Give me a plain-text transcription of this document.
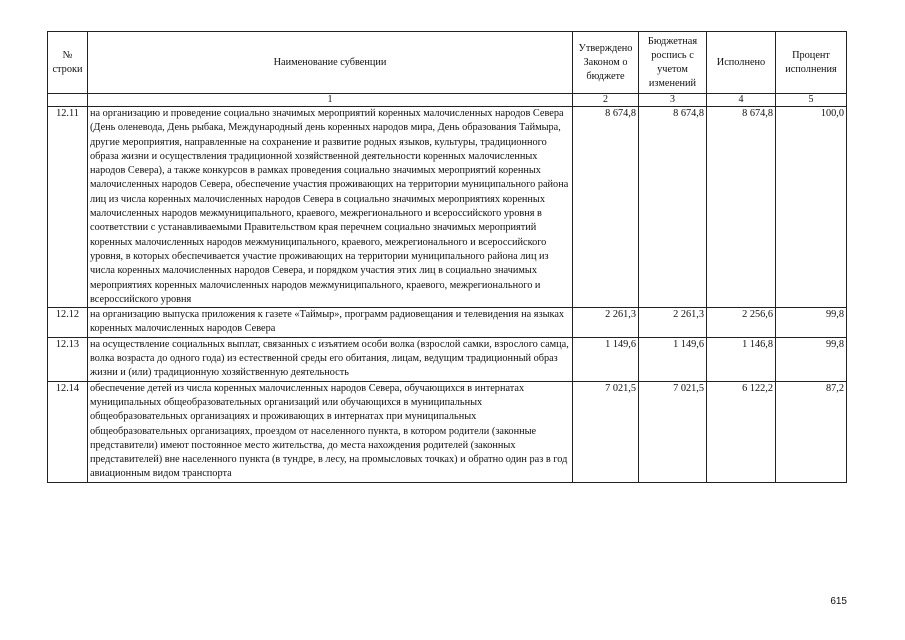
№ строки	Наименование субвенции	Утверждено Законом о бюджете	Бюджетная роспись с учетом изменений	Исполнено	Процент исполнения
	1	2	3	4	5
12.11	на организацию и проведение социально значимых мероприятий коренных малочисленных народов Севера (День оленевода, День рыбака, Международный день коренных народов мира, День образования Таймыра, другие мероприятия, направленные на сохранение и развитие родных языков, культуры, традиционного образа жизни и осуществления традиционной хозяйственной деятельности коренных малочисленных народов Севера), а также конкурсов в рамках проведения социально значимых мероприятий коренных малочисленных народов Севера, обеспечение участия проживающих на территории муниципального района лиц из числа коренных малочисленных народов Севера в социально значимых мероприятиях коренных малочисленных народов межмуниципального, краевого, межрегионального и всероссийского уровня в соответствии с устанавливаемыми Правительством края перечнем социально значимых мероприятий коренных малочисленных народов межмуниципального, краевого, межрегионального и всероссийского уровня, в которых обеспечивается участие проживающих на территории муниципального района лиц из числа коренных малочисленных народов Севера, и порядком участия этих лиц в социально значимых мероприятиях коренных малочисленных народов межмуниципального, краевого, межрегионального и всероссийского уровня	8 674,8	8 674,8	8 674,8	100,0
12.12	на организацию выпуска приложения к газете «Таймыр», программ радиовещания и телевидения на языках коренных малочисленных народов Севера	2 261,3	2 261,3	2 256,6	99,8
12.13	на осуществление социальных выплат, связанных с изъятием особи волка (взрослой самки, взрослого самца, волка возраста до одного года) из естественной среды его обитания, лицам, ведущим традиционный образ жизни и (или) традиционную хозяйственную деятельность	1 149,6	1 149,6	1 146,8	99,8
12.14	обеспечение детей из числа коренных малочисленных народов Севера, обучающихся в интернатах муниципальных общеобразовательных организаций или обучающихся в муниципальных общеобразовательных организациях и проживающих в интернатах при муниципальных общеобразовательных организациях, проездом от населенного пункта, в котором родители (законные представители) имеют постоянное место жительства, до места нахождения родителей (законных представителей) вне населенного пункта (в тундре, в лесу, на промысловых точках) и обратно один раз в год авиационным видом транспорта	7 021,5	7 021,5	6 122,2	87,2
615
